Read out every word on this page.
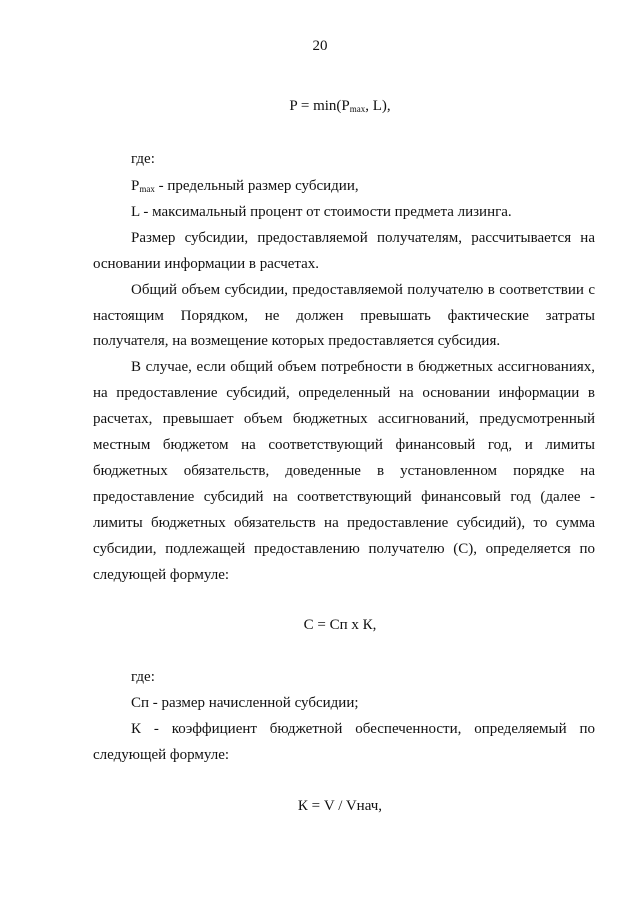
20
$P = \min(P_{max}$, L),
где:
$P_{max}$ - предельный размер субсидии,
L - максимальный процент от стоимости предмета лизинга.
Размер субсидии, предоставляемой получателям, рассчитывается на
основании информации в расчетах.
Общий объем субсидии, предоставляемой получателю в соответствии с
настоящим Порядком, не должен превышать фактические затраты
получателя, на возмещение которых предоставляется субсидия.
В случае, если общий объем потребности в бюджетных ассигнованиях,
на предоставление субсидий, определенный на основании информации в
расчетах, превышает объем бюджетных ассигнований, предусмотренный
местным бюджетом на соответствующий финансовый год, и лимиты
бюджетных обязательств, доведенные в установленном порядке на
предоставление субсидий на соответствующий финансовый год (далее -
лимиты бюджетных обязательств на предоставление субсидий), то сумма
субсидии, подлежащей предоставлению получателю (С), определяется по
следующей формуле:
С = Сп x К,
где:
Сп - размер начисленной субсидии;
К - коэффициент бюджетной обеспеченности, определяемый по
следующей формуле:
К = V / Vнач,
